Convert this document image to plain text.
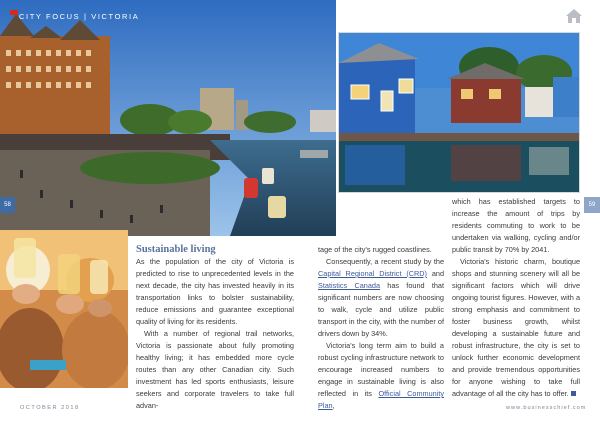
CITY FOCUS | VICTORIA
58	59
Sustainable living

As the population of the city of Victoria is predicted to rise to unprecedented levels in the next decade, the city has invested heavily in its transportation links to bolster sustainability, reduce emissions and guarantee exceptional quality of living for its residents.

With a number of regional trail networks, Victoria is passionate about fully promoting healthy living; it has embedded more cycle routes than any other Canadian city. Such investment has led sports enthusiasts, leisure seekers and corporate travelers to take full advan-

tage of the city's rugged coastlines.

Consequently, a recent study by the Capital Regional District (CRD) and Statistics Canada has found that significant numbers are now choosing to walk, cycle and utilize public transport in the city, with the number of drivers down by 34%.

Victoria's long term aim to build a robust cycling infrastructure network to encourage increased numbers to engage in sustainable living is also reflected in its Official Community Plan,

which has established targets to increase the amount of trips by residents commuting to work to be undertaken via walking, cycling and/or public transit by 70% by 2041.

Victoria's historic charm, boutique shops and stunning scenery will all be significant factors which will drive ongoing tourist figures. However, with a strong emphasis and commitment to foster business growth, whilst developing a sustainable future and robust infrastructure, the city is set to unlock further economic development and provide tremendous opportunities for anyone wishing to take full advantage of all the city has to offer.

OCTOBER 2018	www.businesschief.com
